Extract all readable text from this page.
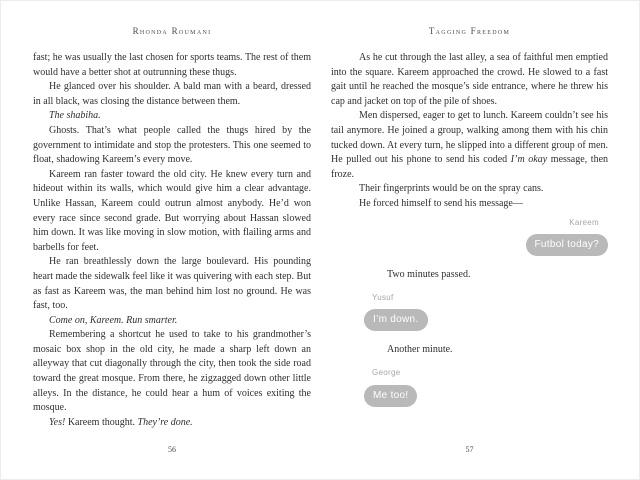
Rhonda Roumani

fast; he was usually the last chosen for sports teams. The rest of them would have a better shot at outrunning these thugs.

He glanced over his shoulder. A bald man with a beard, dressed in all black, was closing the distance between them.

The shabiha.

Ghosts. That’s what people called the thugs hired by the government to intimidate and stop the protesters. This one seemed to float, shadowing Kareem’s every move.

Kareem ran faster toward the old city. He knew every turn and hideout within its walls, which would give him a clear advantage. Unlike Hassan, Kareem could outrun almost anybody. He’d won every race since second grade. But worrying about Hassan slowed him down. It was like moving in slow motion, with flailing arms and barbells for feet.

He ran breathlessly down the large boulevard. His pounding heart made the sidewalk feel like it was quivering with each step. But as fast as Kareem was, the man behind him lost no ground. He was fast, too.

Come on, Kareem. Run smarter.

Remembering a shortcut he used to take to his grandmother’s mosaic box shop in the old city, he made a sharp left down an alleyway that cut diagonally through the city, then took the side road toward the great mosque. From there, he zigzagged down other little alleys. In the distance, he could hear a hum of voices exiting the mosque.

Yes! Kareem thought. They’re done.

56
Tagging Freedom

As he cut through the last alley, a sea of faithful men emptied into the square. Kareem approached the crowd. He slowed to a fast gait until he reached the mosque’s side entrance, where he threw his cap and jacket on top of the pile of shoes.

Men dispersed, eager to get to lunch. Kareem couldn’t see his tail anymore. He joined a group, walking among them with his chin tucked down. At every turn, he slipped into a different group of men. He pulled out his phone to send his coded I’m okay message, then froze.

Their fingerprints would be on the spray cans.

He forced himself to send his message—

Kareem
Futbol today?

Two minutes passed.

Yusuf
I’m down.

Another minute.

George
Me too!
57
